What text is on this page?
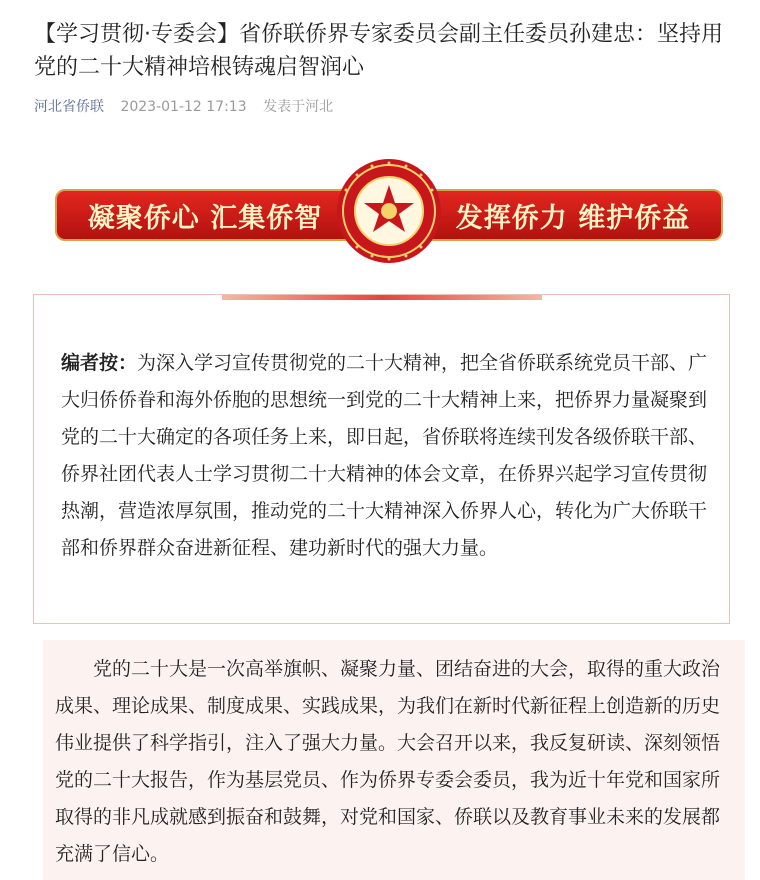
【学习贯彻·专委会】省侨联侨界专家委员会副主任委员孙建忠：坚持用党的二十大精神培根铸魂启智润心
河北省侨联 2023-01-12 17:13 发表于河北
凝聚侨心 汇集侨智	发挥侨力 维护侨益
编者按：为深入学习宣传贯彻党的二十大精神，把全省侨联系统党员干部、广大归侨侨眷和海外侨胞的思想统一到党的二十大精神上来，把侨界力量凝聚到党的二十大确定的各项任务上来，即日起，省侨联将连续刊发各级侨联干部、侨界社团代表人士学习贯彻二十大精神的体会文章，在侨界兴起学习宣传贯彻热潮，营造浓厚氛围，推动党的二十大精神深入侨界人心，转化为广大侨联干部和侨界群众奋进新征程、建功新时代的强大力量。

党的二十大是一次高举旗帜、凝聚力量、团结奋进的大会，取得的重大政治成果、理论成果、制度成果、实践成果，为我们在新时代新征程上创造新的历史伟业提供了科学指引，注入了强大力量。大会召开以来，我反复研读、深刻领悟党的二十大报告，作为基层党员、作为侨界专委会委员，我为近十年党和国家所取得的非凡成就感到振奋和鼓舞，对党和国家、侨联以及教育事业未来的发展都充满了信心。
